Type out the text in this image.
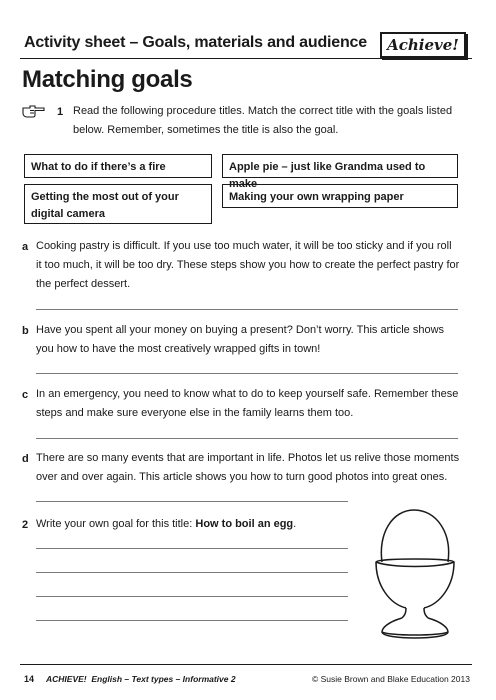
Activity sheet – Goals, materials and audience	Achieve!
Matching goals
1 Read the following procedure titles. Match the correct title with the goals listed
below. Remember, sometimes the title is also the goal.
What to do if there’s a fire	Apple pie – just like Grandma used to make
Getting the most out of your
digital camera
Making your own wrapping paper
a Cooking pastry is difficult. If you use too much water, it will be too sticky and if you roll
it too much, it will be too dry. These steps show you how to create the perfect pastry for
the perfect dessert.
b Have you spent all your money on buying a present? Don’t worry. This article shows
you how to have the most creatively wrapped gifts in town!
c In an emergency, you need to know what to do to keep yourself safe. Remember these
steps and make sure everyone else in the family learns them too.
d There are so many events that are important in life. Photos let us relive those moments
over and over again. This article shows you how to turn good photos into great ones.
2 Write your own goal for this title: How to boil an egg.
14 ACHIEVE! English – Text types – Informative 2	© Susie Brown and Blake Education 2013
